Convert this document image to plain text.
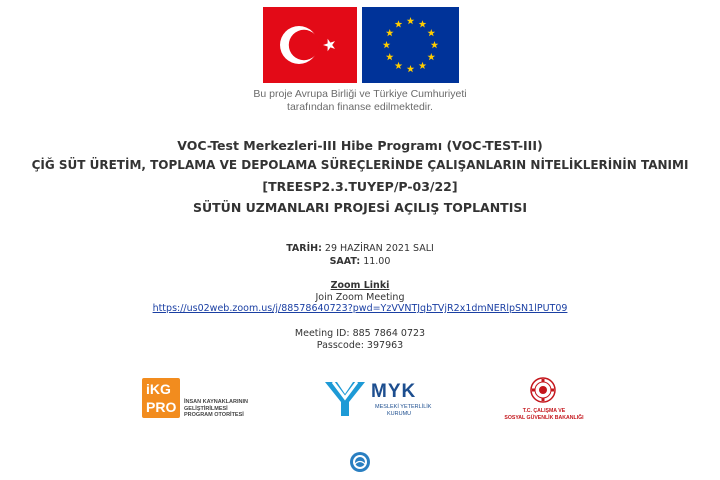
Bu proje Avrupa Birliği ve Türkiye Cumhuriyeti
tarafından finanse edilmektedir.
VOC-Test Merkezleri-III Hibe Programı (VOC-TEST-III)
ÇİĞ SÜT ÜRETİM, TOPLAMA VE DEPOLAMA SÜREÇLERİNDE ÇALIŞANLARIN NİTELİKLERİNİN TANIMI
[TREESP2.3.TUYEP/P-03/22]
SÜTÜN UZMANLARI PROJESİ AÇILIŞ TOPLANTISI
TARİH: 29 HAZİRAN 2021 SALI
SAAT: 11.00
Zoom Linki
Join Zoom Meeting
https://us02web.zoom.us/j/88578640723?pwd=YzVVNTJqbTVjR2x1dmNERlpSN1lPUT09
Meeting ID: 885 7864 0723
Passcode: 397963
iKG
PRO İNSAN KAYNAKLARININ
GELİŞTİRİLMESİ
PROGRAM OTORİTESİ
MYK
MESLEKİ YETERLİLİK
KURUMU	T.C. ÇALIŞMA VE
SOSYAL GÜVENLİK BAKANLIĞI
